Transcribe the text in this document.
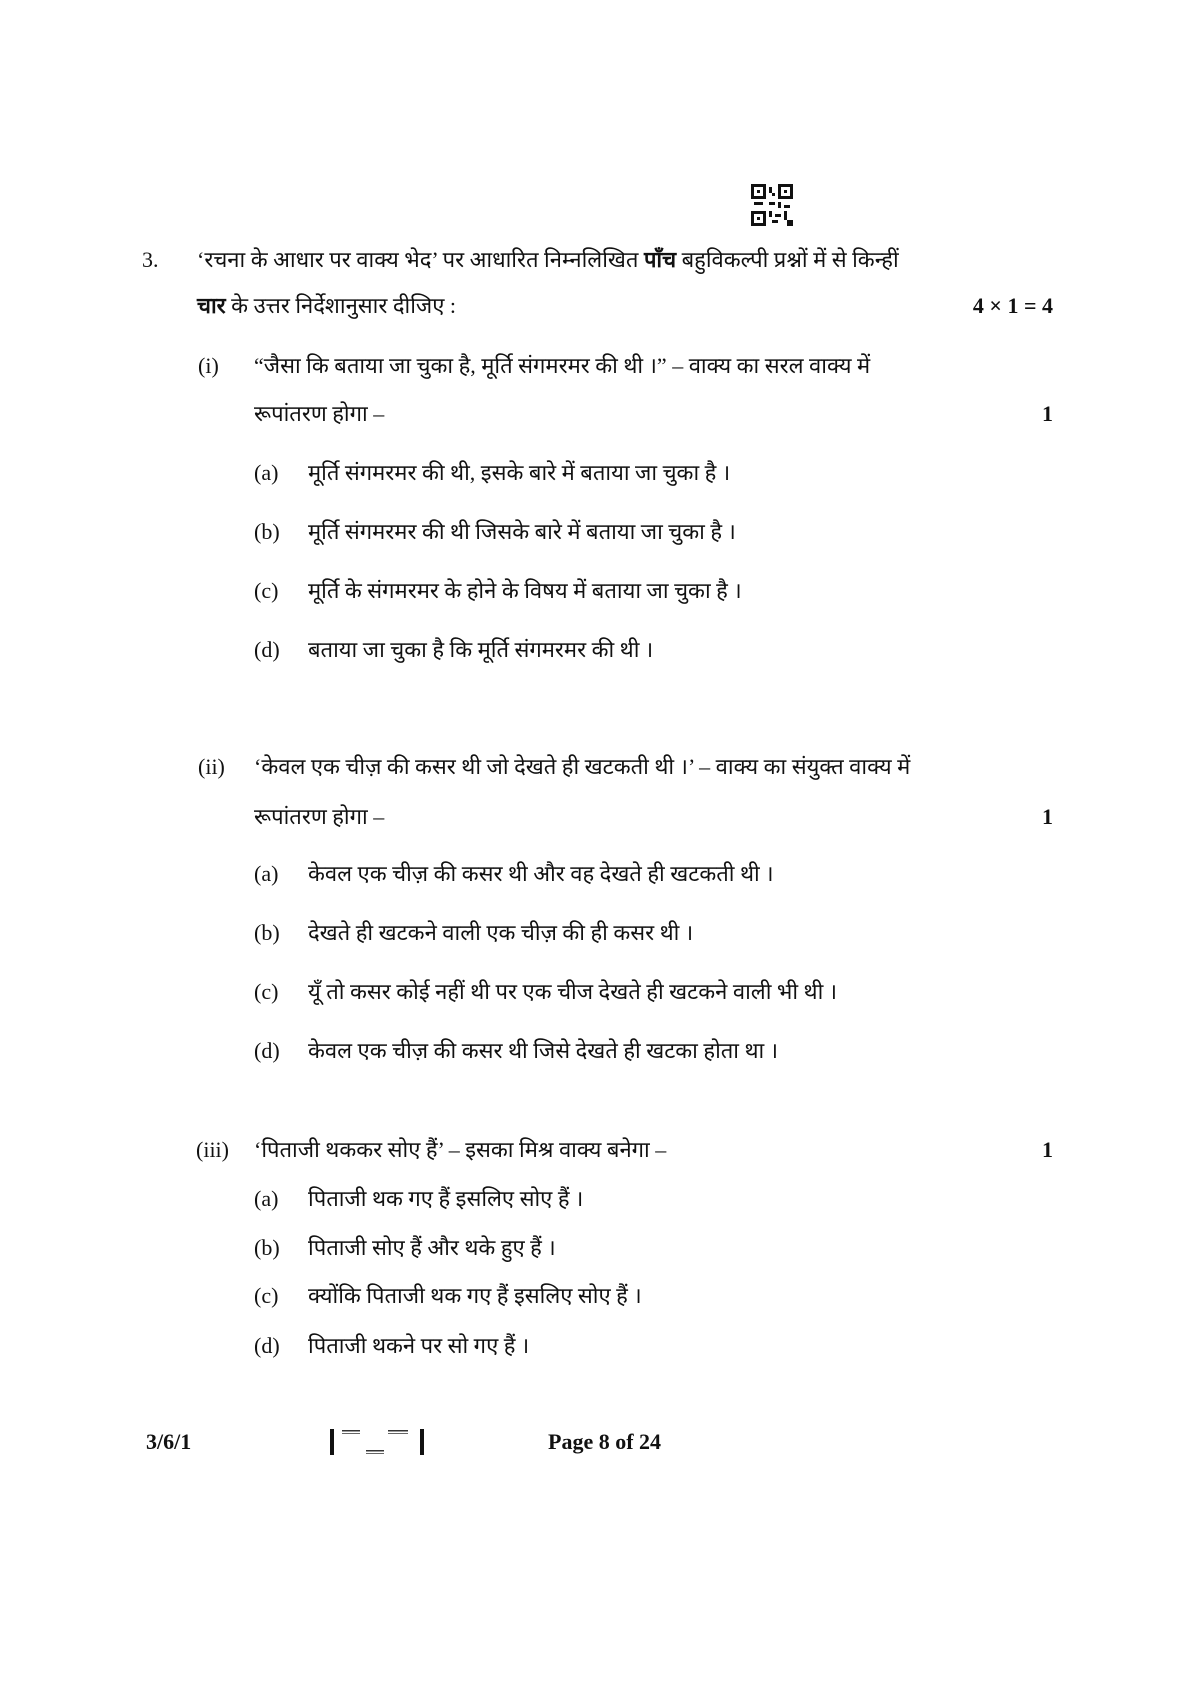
3. ‘रचना के आधार पर वाक्य भेद’ पर आधारित निम्नलिखित पाँच बहुविकल्पी प्रश्नों में से किन्हीं
चार के उत्तर निर्देशानुसार दीजिए :	4 × 1 = 4
(i) “जैसा कि बताया जा चुका है, मूर्ति संगमरमर की थी ।” – वाक्य का सरल वाक्य में
रूपांतरण होगा –	1
(a) मूर्ति संगमरमर की थी, इसके बारे में बताया जा चुका है ।
(b) मूर्ति संगमरमर की थी जिसके बारे में बताया जा चुका है ।
(c) मूर्ति के संगमरमर के होने के विषय में बताया जा चुका है ।
(d) बताया जा चुका है कि मूर्ति संगमरमर की थी ।
(ii) ‘केवल एक चीज़ की कसर थी जो देखते ही खटकती थी ।’ – वाक्य का संयुक्त वाक्य में
रूपांतरण होगा –	1
(a) केवल एक चीज़ की कसर थी और वह देखते ही खटकती थी ।
(b) देखते ही खटकने वाली एक चीज़ की ही कसर थी ।
(c) यूँ तो कसर कोई नहीं थी पर एक चीज देखते ही खटकने वाली भी थी ।
(d) केवल एक चीज़ की कसर थी जिसे देखते ही खटका होता था ।
(iii) ‘पिताजी थककर सोए हैं’ – इसका मिश्र वाक्य बनेगा –	1
(a) पिताजी थक गए हैं इसलिए सोए हैं ।
(b) पिताजी सोए हैं और थके हुए हैं ।
(c) क्योंकि पिताजी थक गए हैं इसलिए सोए हैं ।
(d) पिताजी थकने पर सो गए हैं ।
3/6/1	Page 8 of 24
